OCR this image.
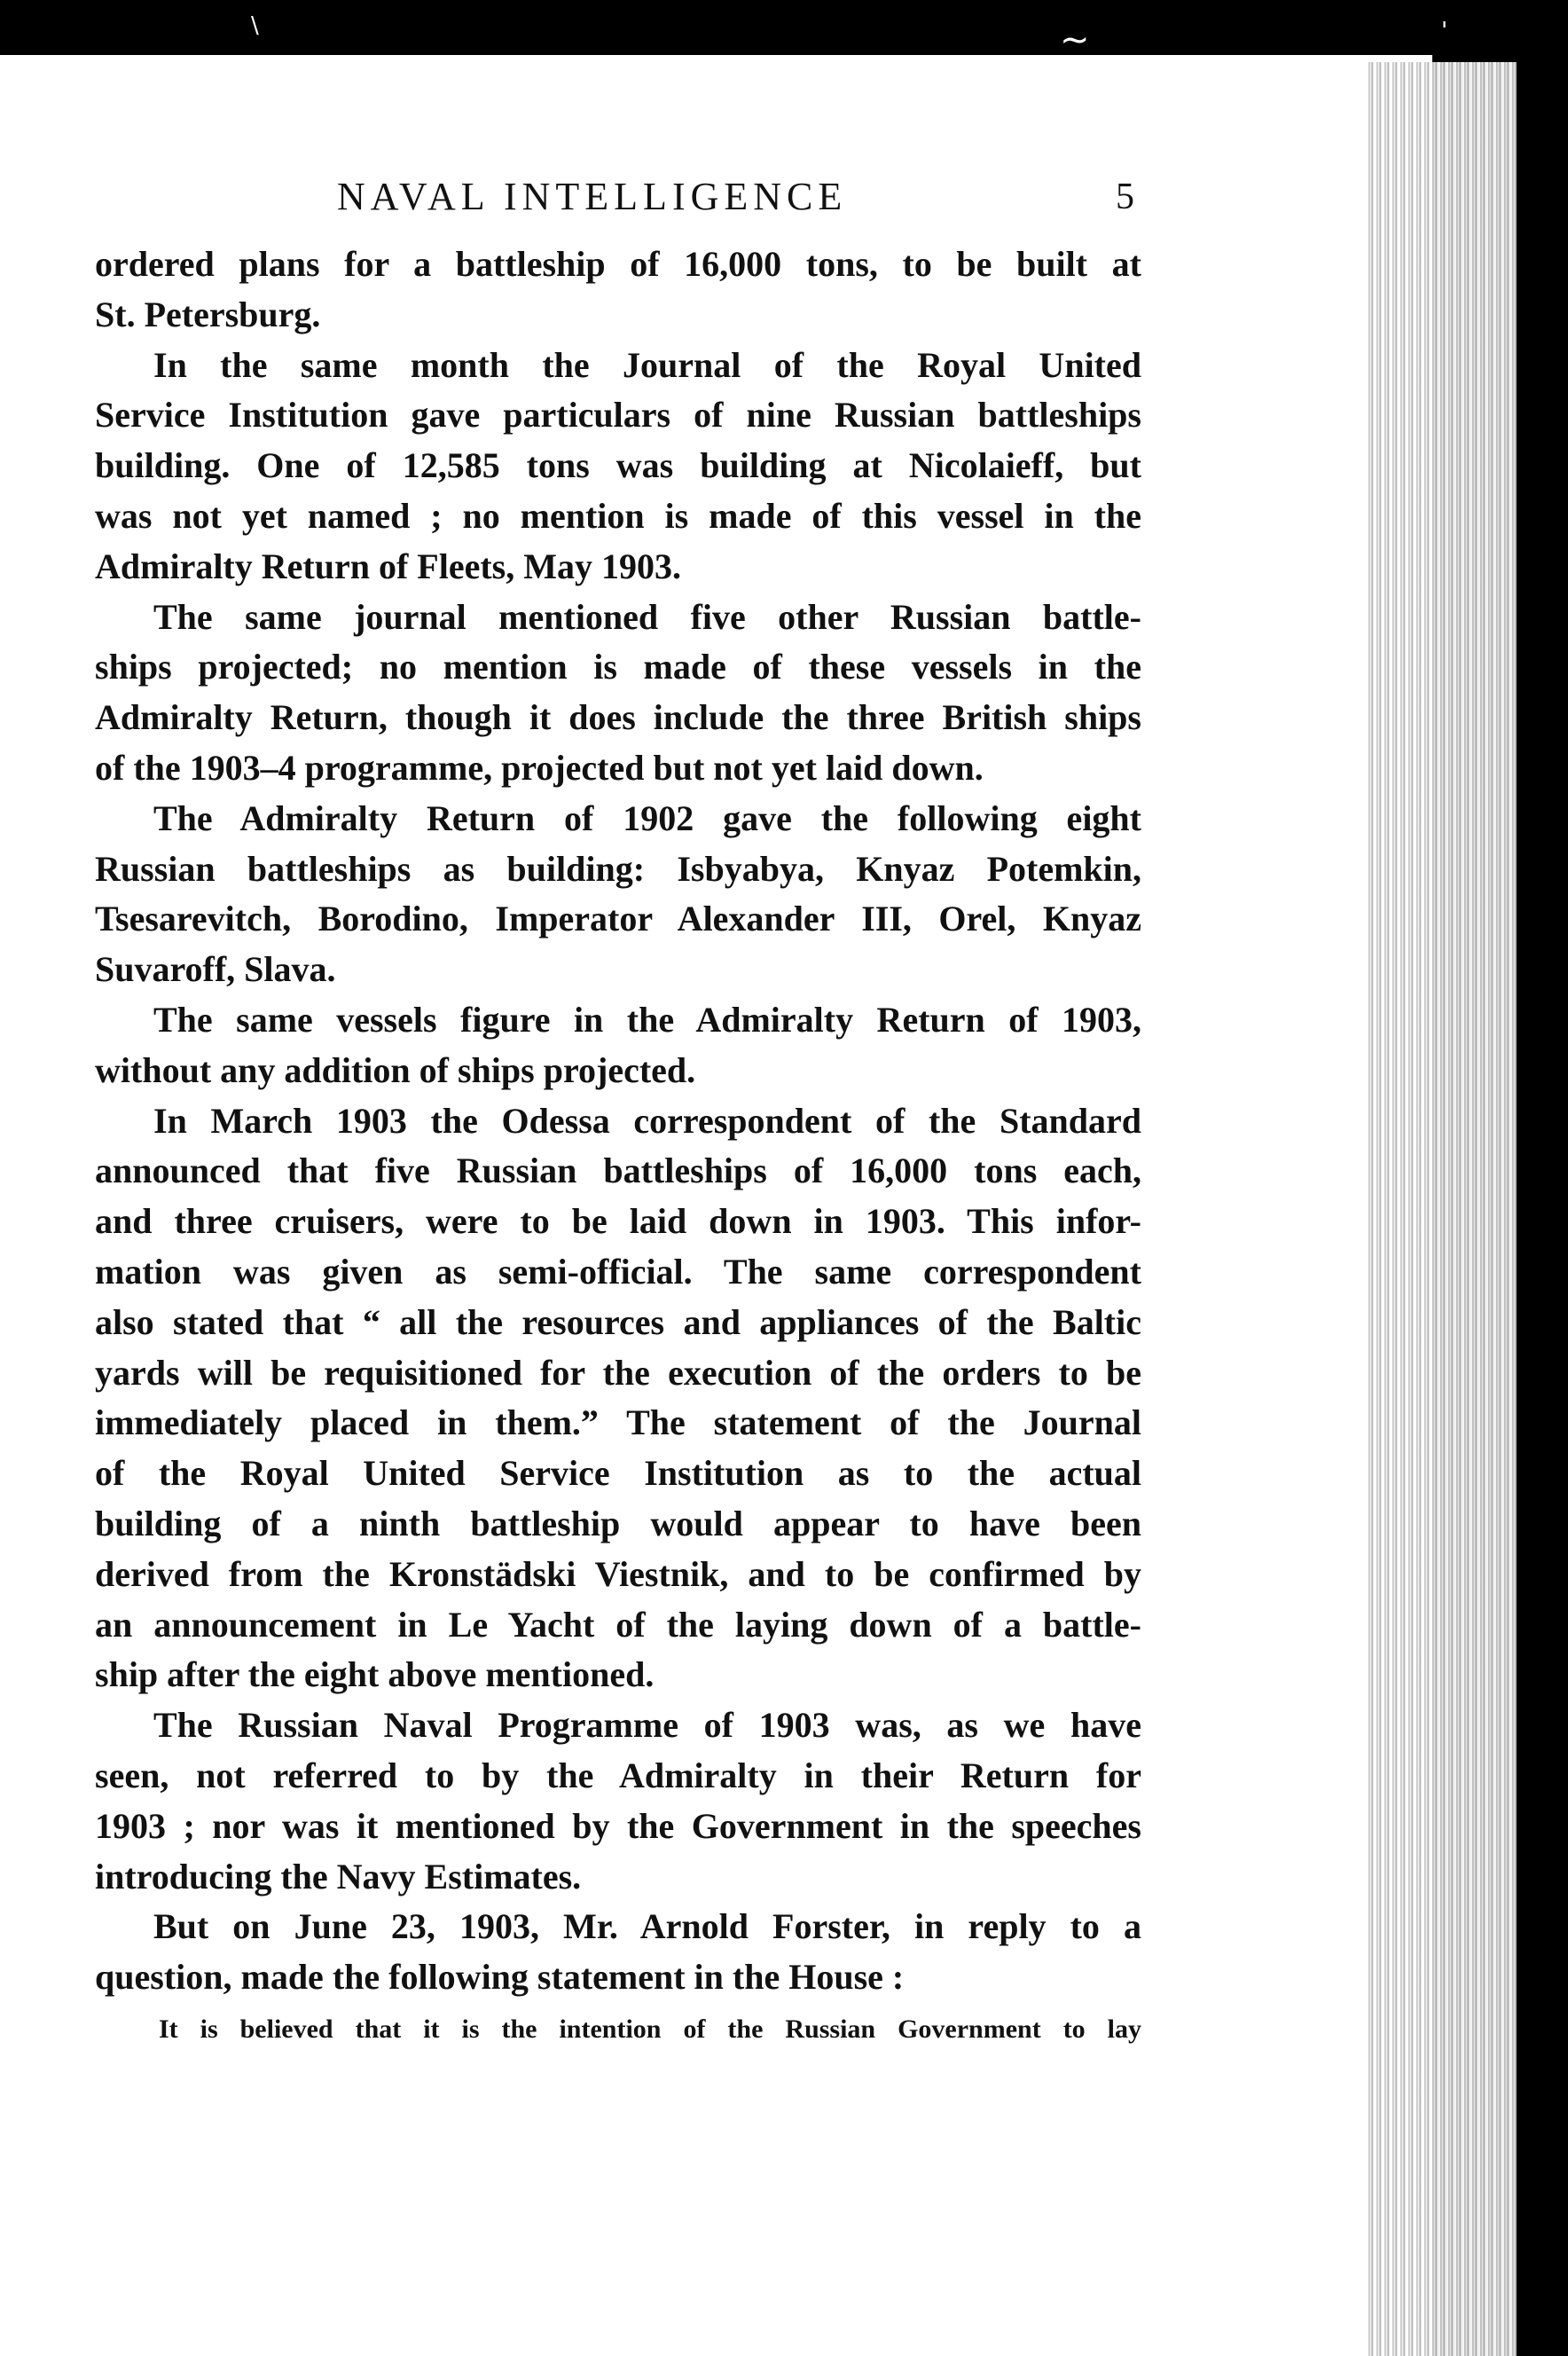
\	~	'
NAVAL INTELLIGENCE	5
ordered plans for a battleship of 16,000 tons, to be built at
St. Petersburg.
In the same month the Journal of the Royal United
Service Institution gave particulars of nine Russian battleships
building. One of 12,585 tons was building at Nicolaieff, but
was not yet named ; no mention is made of this vessel in the
Admiralty Return of Fleets, May 1903.
The same journal mentioned five other Russian battle-
ships projected; no mention is made of these vessels in the
Admiralty Return, though it does include the three British ships
of the 1903–4 programme, projected but not yet laid down.
The Admiralty Return of 1902 gave the following eight
Russian battleships as building: Isbyabya, Knyaz Potemkin,
Tsesarevitch, Borodino, Imperator Alexander III, Orel, Knyaz
Suvaroff, Slava.
The same vessels figure in the Admiralty Return of 1903,
without any addition of ships projected.
In March 1903 the Odessa correspondent of the Standard
announced that five Russian battleships of 16,000 tons each,
and three cruisers, were to be laid down in 1903. This infor-
mation was given as semi-official. The same correspondent
also stated that “ all the resources and appliances of the Baltic
yards will be requisitioned for the execution of the orders to be
immediately placed in them.” The statement of the Journal
of the Royal United Service Institution as to the actual
building of a ninth battleship would appear to have been
derived from the Kronstädski Viestnik, and to be confirmed by
an announcement in Le Yacht of the laying down of a battle-
ship after the eight above mentioned.
The Russian Naval Programme of 1903 was, as we have
seen, not referred to by the Admiralty in their Return for
1903 ; nor was it mentioned by the Government in the speeches
introducing the Navy Estimates.
But on June 23, 1903, Mr. Arnold Forster, in reply to a
question, made the following statement in the House :
It is believed that it is the intention of the Russian Government to lay
